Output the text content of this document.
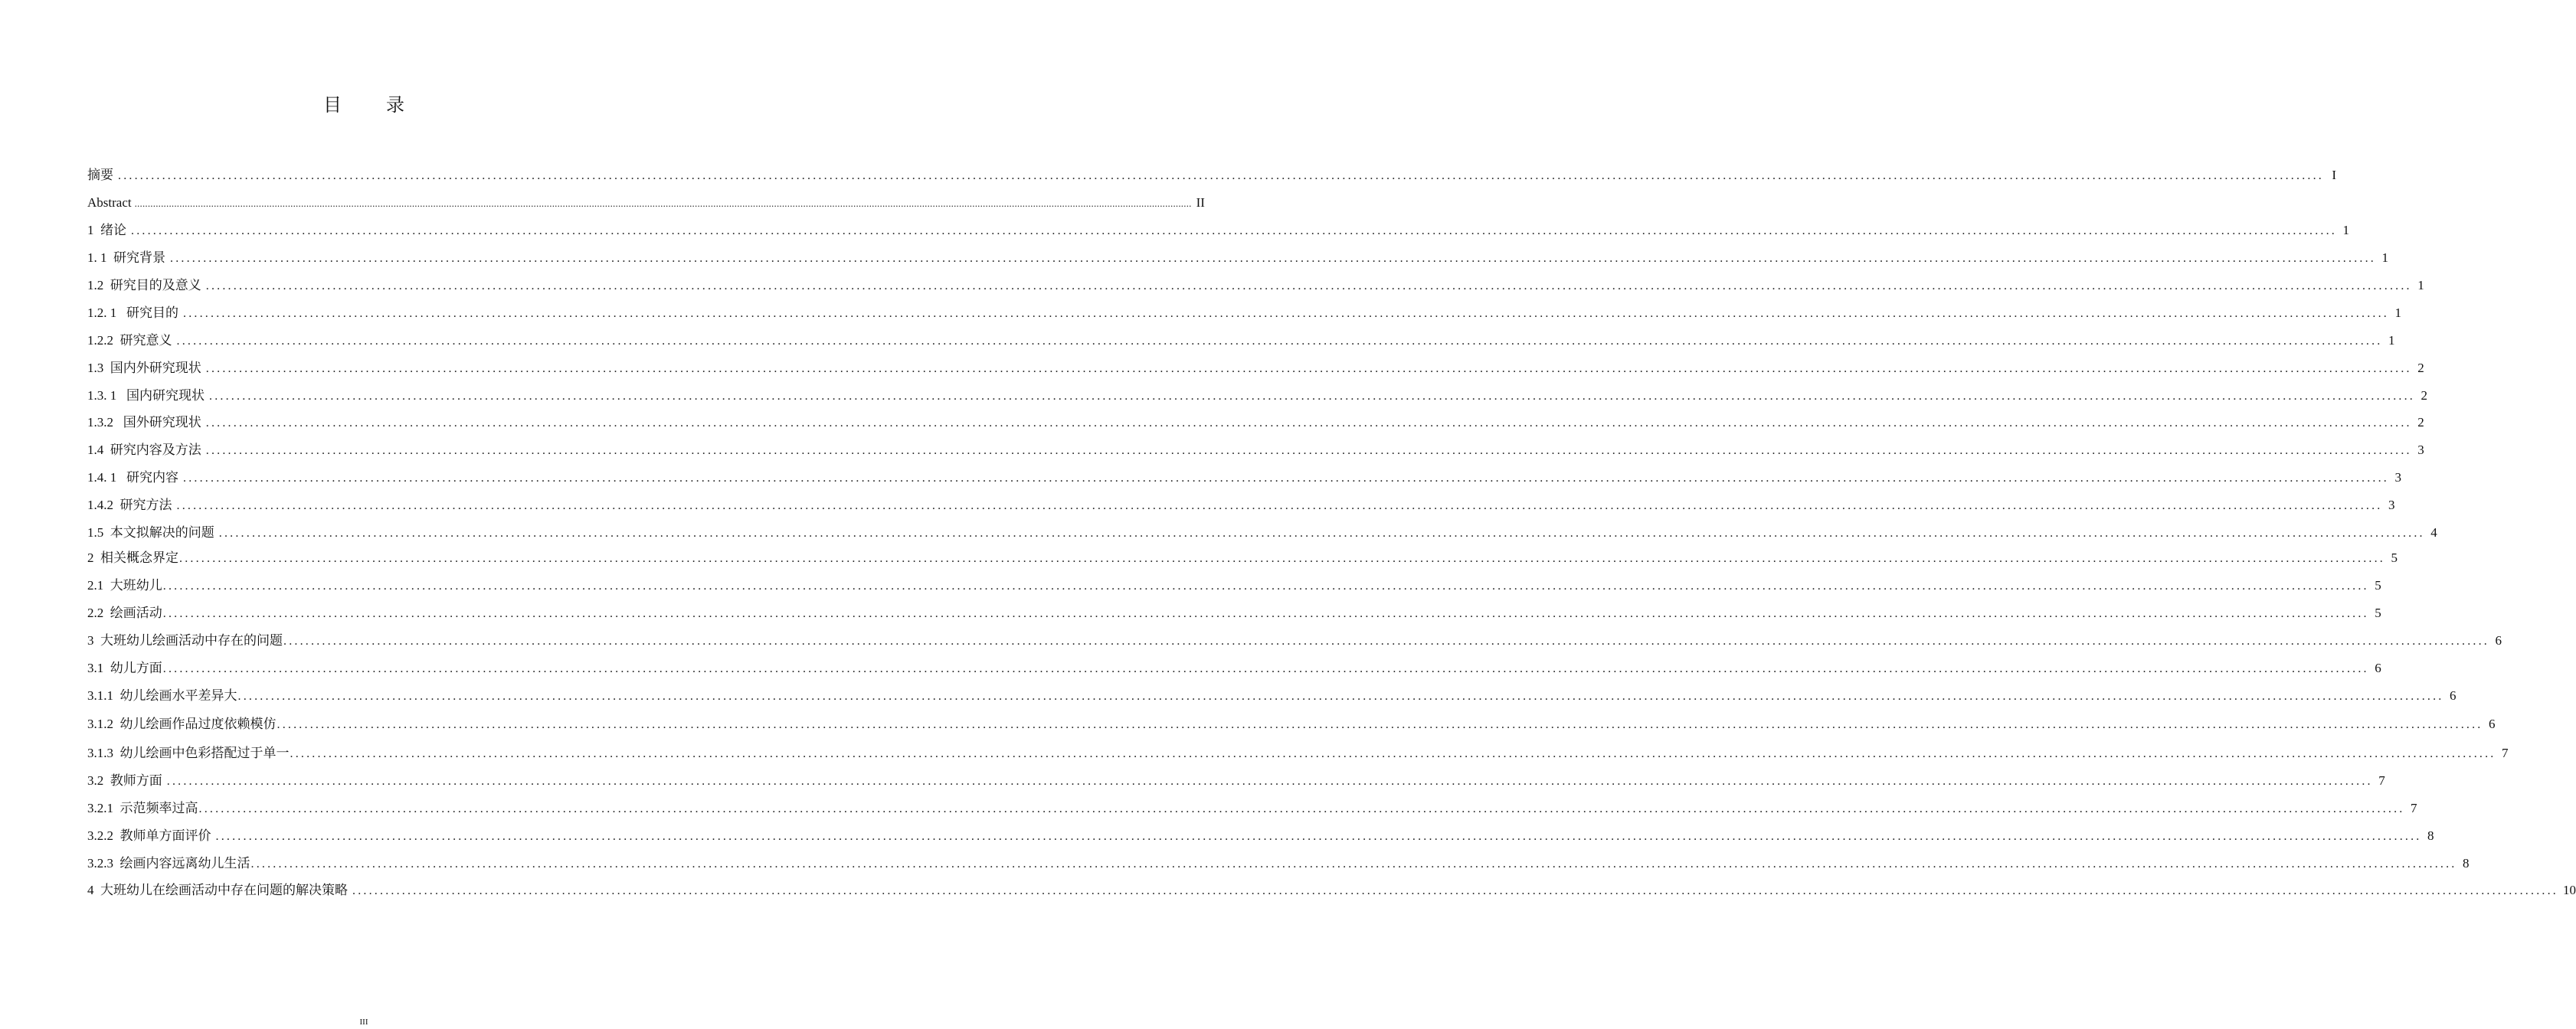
目 录
摘要 ................................................................................................................................................................................................................................................................................................................................................................................................................ I
Abstract ................................................................................................................................................................................................................................................................................................................................................................................................................ II
1  绪论 ................................................................................................................................................................................................................................................................................................................................................................................................................ 1
1. 1  研究背景 ................................................................................................................................................................................................................................................................................................................................................................................................................ 1
1.2  研究目的及意义 ................................................................................................................................................................................................................................................................................................................................................................................................................ 1
1.2. 1   研究目的 ................................................................................................................................................................................................................................................................................................................................................................................................................ 1
1.2.2  研究意义 ................................................................................................................................................................................................................................................................................................................................................................................................................ 1
1.3  国内外研究现状 ................................................................................................................................................................................................................................................................................................................................................................................................................ 2
1.3. 1   国内研究现状 ................................................................................................................................................................................................................................................................................................................................................................................................................ 2
1.3.2   国外研究现状 ................................................................................................................................................................................................................................................................................................................................................................................................................ 2
1.4  研究内容及方法 ................................................................................................................................................................................................................................................................................................................................................................................................................ 3
1.4. 1   研究内容 ................................................................................................................................................................................................................................................................................................................................................................................................................ 3
1.4.2  研究方法 ................................................................................................................................................................................................................................................................................................................................................................................................................ 3
1.5  本文拟解决的问题 ................................................................................................................................................................................................................................................................................................................................................................................................................ 4
2  相关概念界定 ................................................................................................................................................................................................................................................................................................................................................................................................................ 5
2.1  大班幼儿 ................................................................................................................................................................................................................................................................................................................................................................................................................ 5
2.2  绘画活动 ................................................................................................................................................................................................................................................................................................................................................................................................................ 5
3  大班幼儿绘画活动中存在的问题 ................................................................................................................................................................................................................................................................................................................................................................................................................ 6
3.1  幼儿方面 ................................................................................................................................................................................................................................................................................................................................................................................................................ 6
3.1.1  幼儿绘画水平差异大 ................................................................................................................................................................................................................................................................................................................................................................................................................ 6
3.1.2  幼儿绘画作品过度依赖模仿 ................................................................................................................................................................................................................................................................................................................................................................................................................ 6
3.1.3  幼儿绘画中色彩搭配过于单一 ................................................................................................................................................................................................................................................................................................................................................................................................................ 7
3.2  教师方面 ................................................................................................................................................................................................................................................................................................................................................................................................................ 7
3.2.1  示范频率过高 ................................................................................................................................................................................................................................................................................................................................................................................................................ 7
3.2.2  教师单方面评价 ................................................................................................................................................................................................................................................................................................................................................................................................................ 8
3.2.3  绘画内容远离幼儿生活 ................................................................................................................................................................................................................................................................................................................................................................................................................ 8
4  大班幼儿在绘画活动中存在问题的解决策略 ................................................................................................................................................................................................................................................................................................................................................................................................................ 10
III
